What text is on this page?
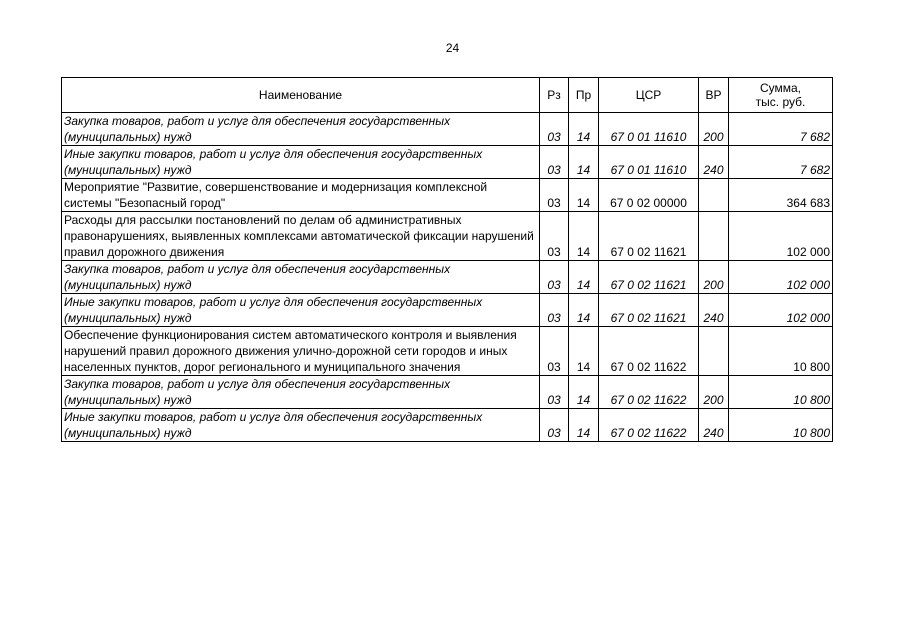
24
Наименование	Рз	Пр	ЦСР	ВР	Сумма,
тыс. руб.
Закупка товаров, работ и услуг для обеспечения государственных (муниципальных) нужд	03	14	67 0 01 11610	200	7 682
Иные закупки товаров, работ и услуг для обеспечения государственных (муниципальных) нужд	03	14	67 0 01 11610	240	7 682
Мероприятие "Развитие, совершенствование и модернизация комплексной системы "Безопасный город"	03	14	67 0 02 00000		364 683
Расходы для рассылки постановлений по делам об административных правонарушениях, выявленных комплексами автоматической фиксации нарушений правил дорожного движения	03	14	67 0 02 11621		102 000
Закупка товаров, работ и услуг для обеспечения государственных (муниципальных) нужд	03	14	67 0 02 11621	200	102 000
Иные закупки товаров, работ и услуг для обеспечения государственных (муниципальных) нужд	03	14	67 0 02 11621	240	102 000
Обеспечение функционирования систем автоматического контроля и выявления нарушений правил дорожного движения улично-дорожной сети городов и иных населенных пунктов, дорог регионального и муниципального значения	03	14	67 0 02 11622		10 800
Закупка товаров, работ и услуг для обеспечения государственных (муниципальных) нужд	03	14	67 0 02 11622	200	10 800
Иные закупки товаров, работ и услуг для обеспечения государственных (муниципальных) нужд	03	14	67 0 02 11622	240	10 800
